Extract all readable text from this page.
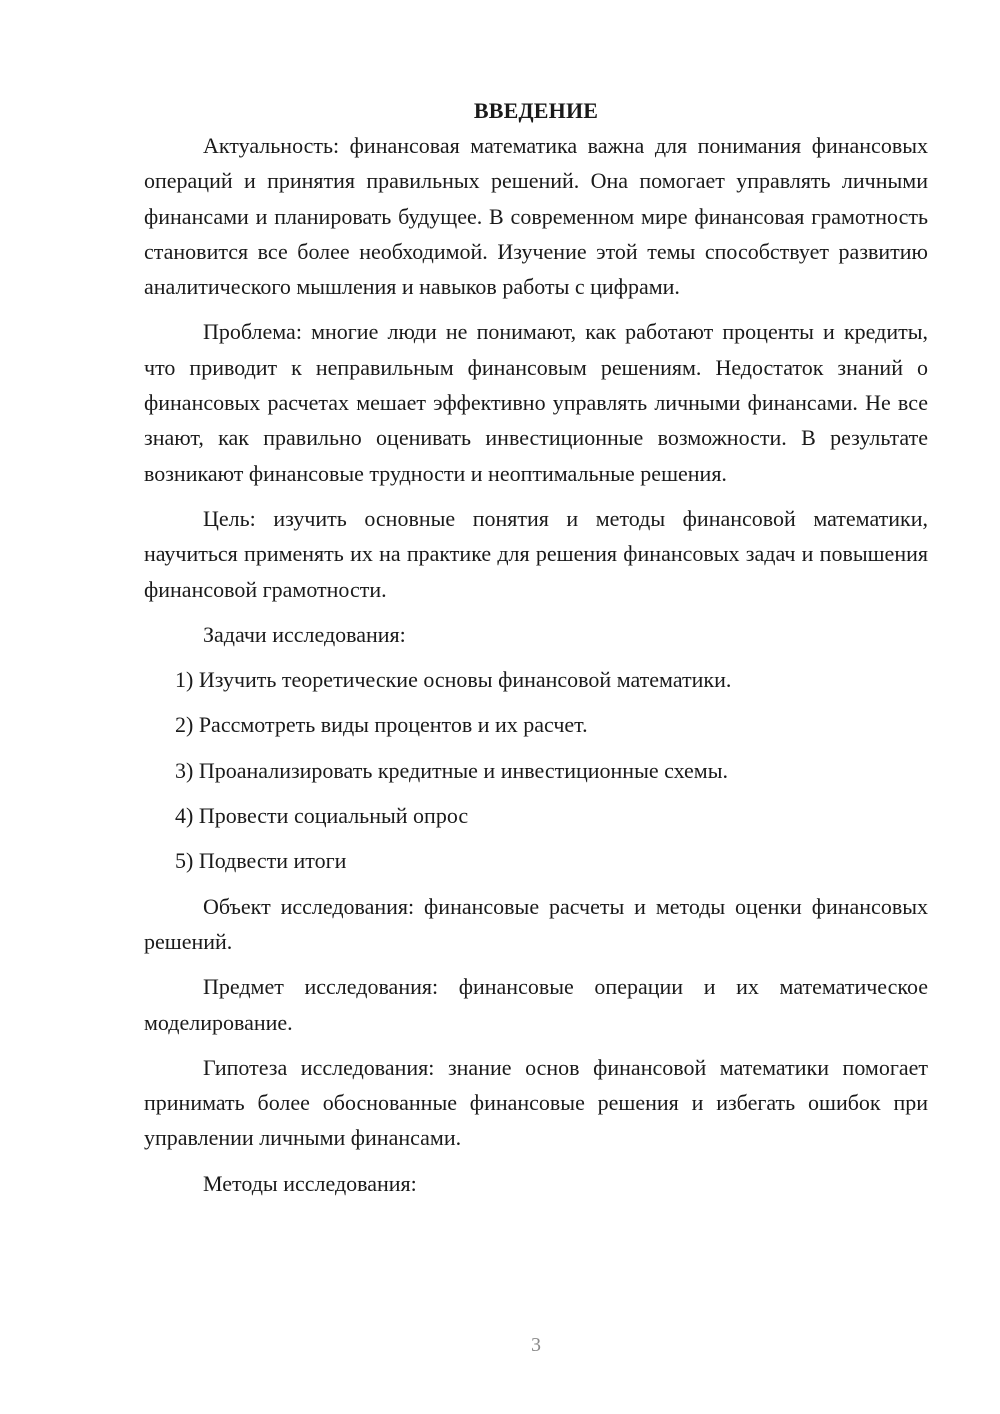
ВВЕДЕНИЕ

Актуальность: финансовая математика важна для понимания финансовых операций и принятия правильных решений. Она помогает управлять личными финансами и планировать будущее. В современном мире финансовая грамотность становится все более необходимой. Изучение этой темы способствует развитию аналитического мышления и навыков работы с цифрами.

Проблема: многие люди не понимают, как работают проценты и кредиты, что приводит к неправильным финансовым решениям. Недостаток знаний о финансовых расчетах мешает эффективно управлять личными финансами. Не все знают, как правильно оценивать инвестиционные возможности. В результате возникают финансовые трудности и неоптимальные решения.

Цель: изучить основные понятия и методы финансовой математики, научиться применять их на практике для решения финансовых задач и повышения финансовой грамотности.

Задачи исследования:

1) Изучить теоретические основы финансовой математики.
2) Рассмотреть виды процентов и их расчет.
3) Проанализировать кредитные и инвестиционные схемы.
4) Провести социальный опрос
5) Подвести итоги

Объект исследования: финансовые расчеты и методы оценки финансовых решений.

Предмет исследования: финансовые операции и их математическое моделирование.

Гипотеза исследования: знание основ финансовой математики помогает принимать более обоснованные финансовые решения и избегать ошибок при управлении личными финансами.

Методы исследования:

3
